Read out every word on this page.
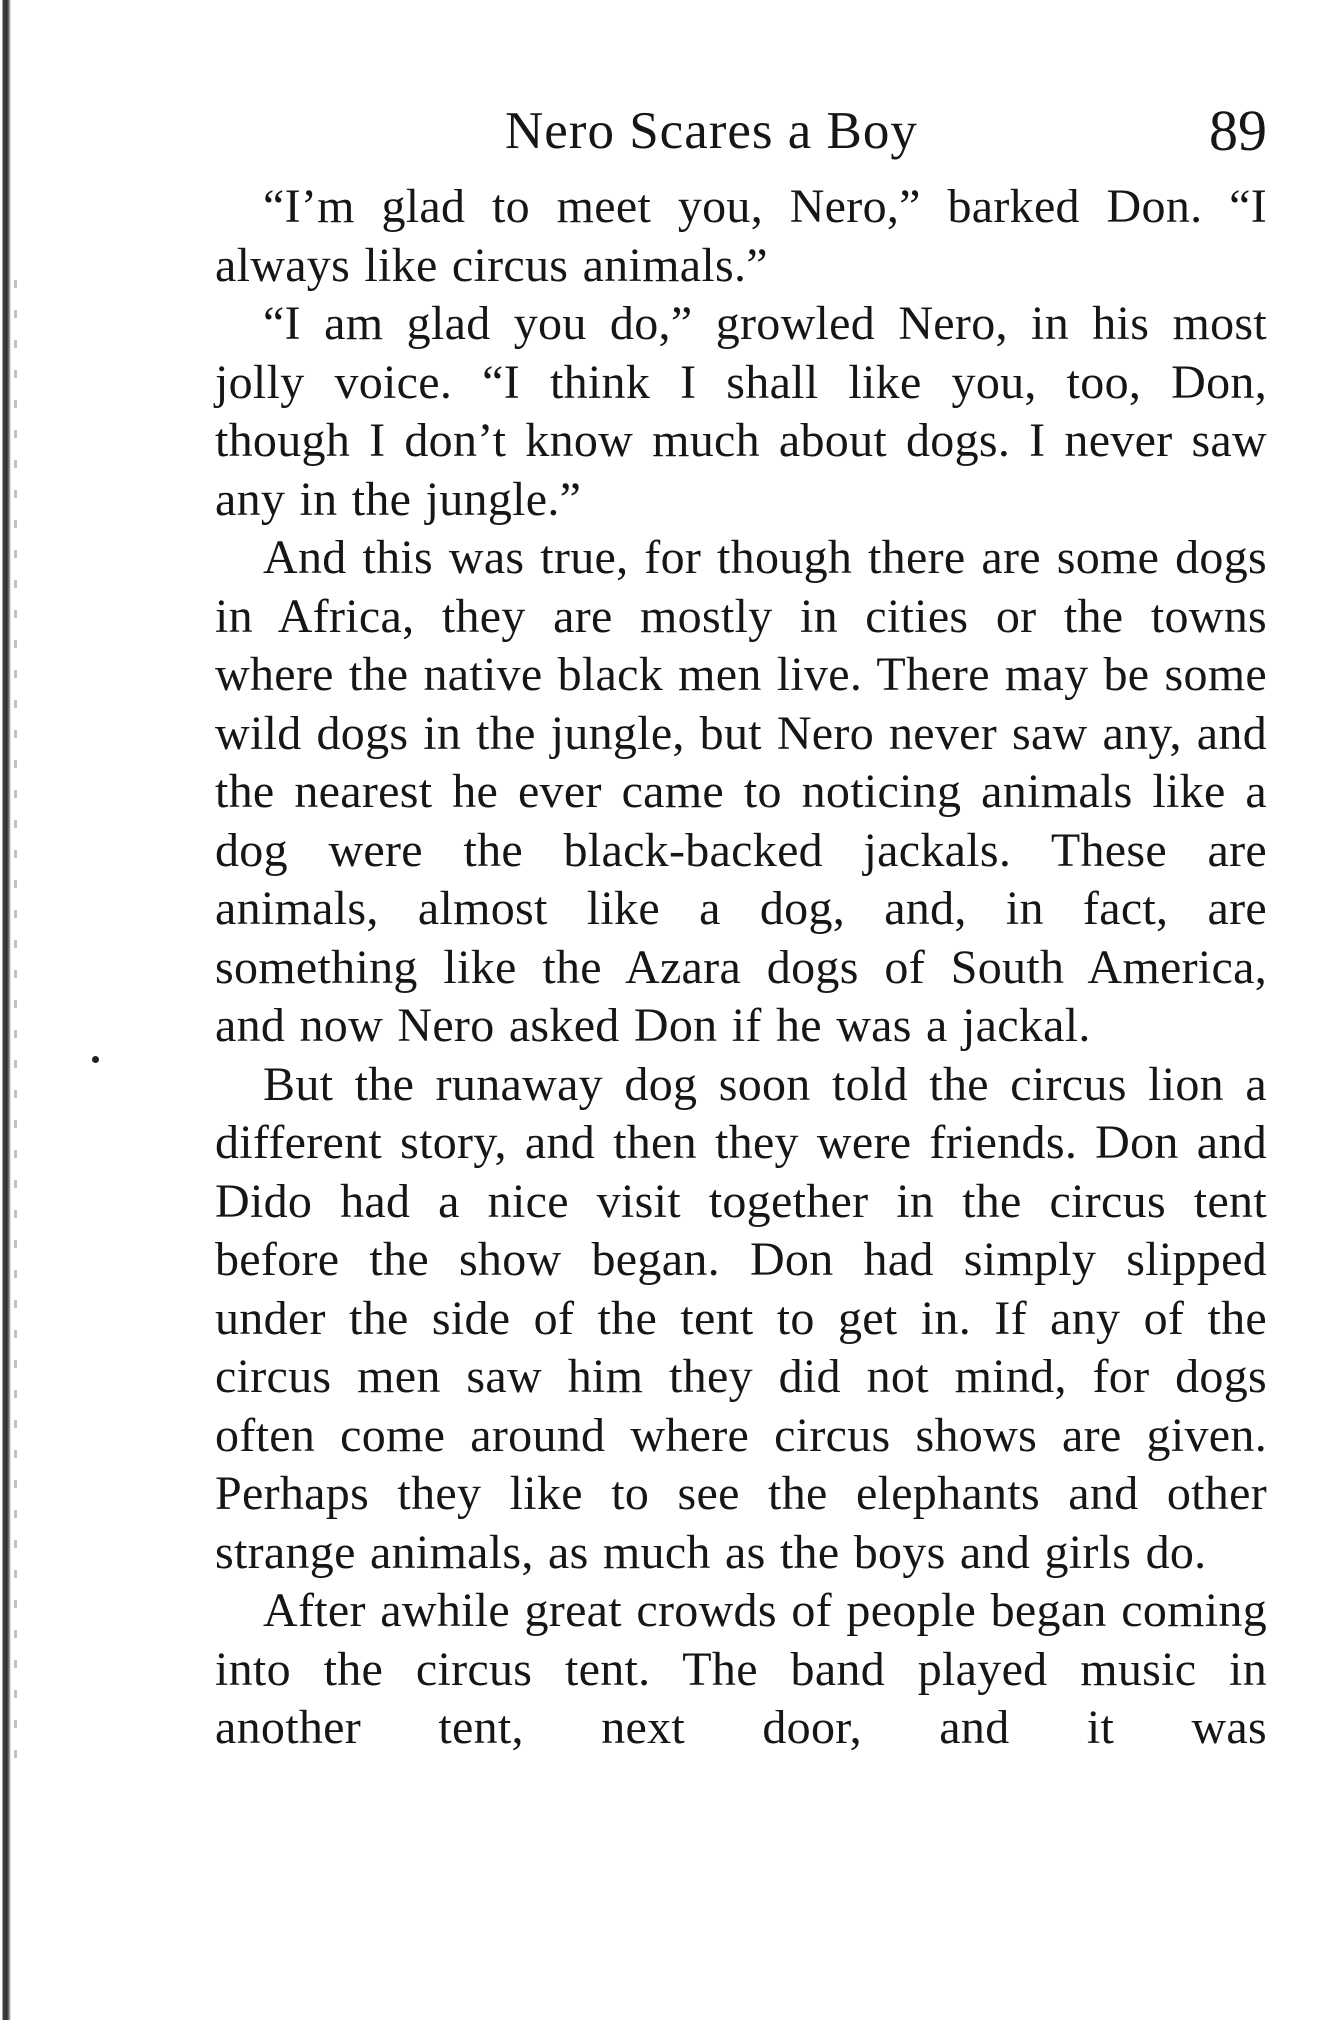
Nero Scares a Boy	89

“I’m glad to meet you, Nero,” barked Don. “I always like circus animals.”

“I am glad you do,” growled Nero, in his most jolly voice. “I think I shall like you, too, Don, though I don’t know much about dogs. I never saw any in the jungle.”

And this was true, for though there are some dogs in Africa, they are mostly in cities or the towns where the native black men live. There may be some wild dogs in the jungle, but Nero never saw any, and the nearest he ever came to noticing animals like a dog were the black-backed jackals. These are animals, almost like a dog, and, in fact, are something like the Azara dogs of South America, and now Nero asked Don if he was a jackal.

But the runaway dog soon told the circus lion a different story, and then they were friends. Don and Dido had a nice visit together in the circus tent before the show began. Don had simply slipped under the side of the tent to get in. If any of the circus men saw him they did not mind, for dogs often come around where circus shows are given. Perhaps they like to see the elephants and other strange animals, as much as the boys and girls do.

After awhile great crowds of people began coming into the circus tent. The band played music in another tent, next door, and it was
